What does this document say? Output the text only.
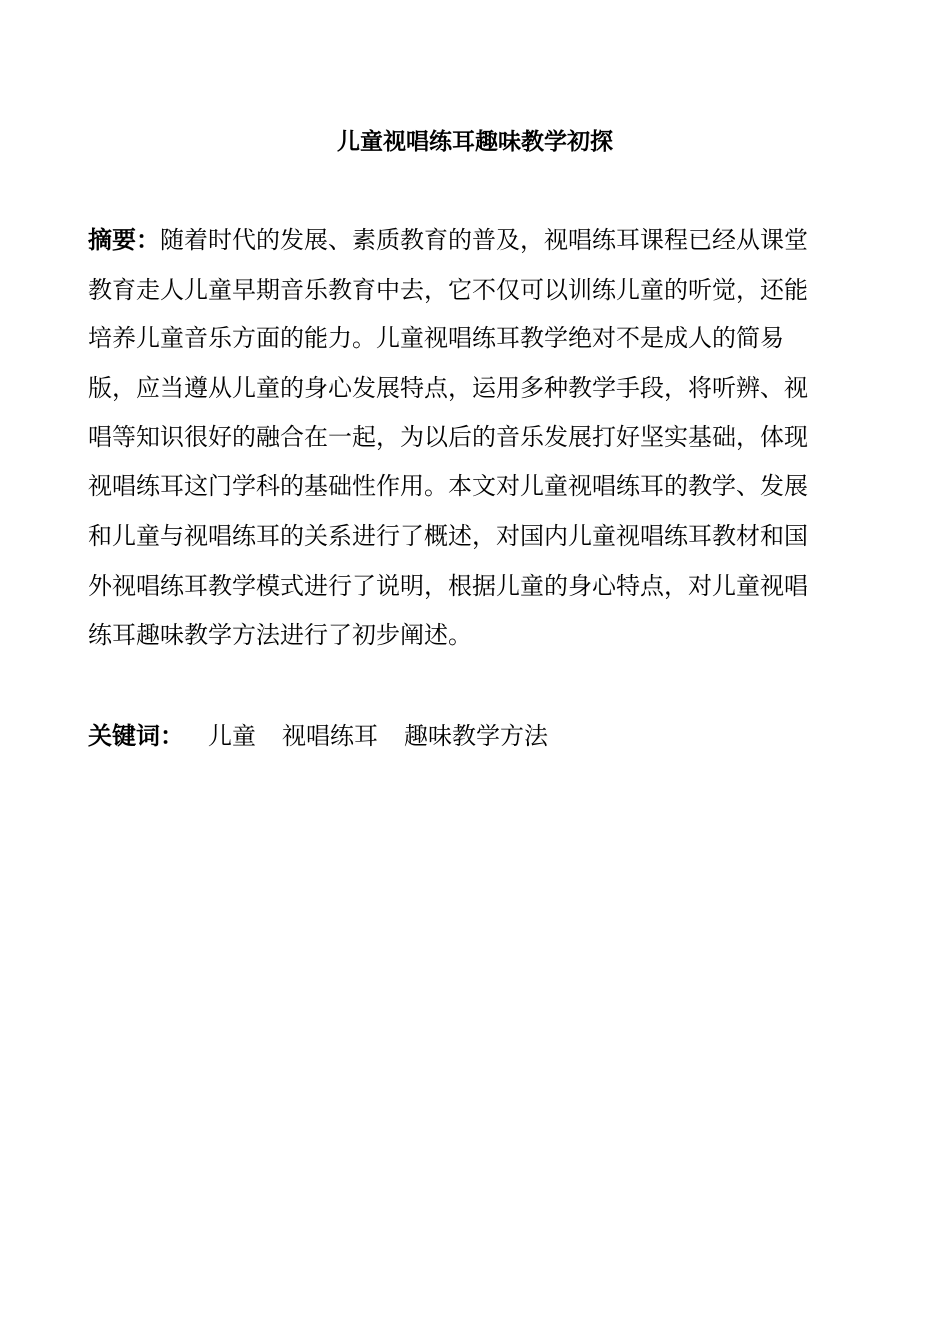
儿童视唱练耳趣味教学初探
摘要：随着时代的发展、素质教育的普及，视唱练耳课程已经从课堂
教育走人儿童早期音乐教育中去，它不仅可以训练儿童的听觉，还能
培养儿童音乐方面的能力。儿童视唱练耳教学绝对不是成人的简易
版，应当遵从儿童的身心发展特点，运用多种教学手段，将听辨、视
唱等知识很好的融合在一起，为以后的音乐发展打好坚实基础，体现
视唱练耳这门学科的基础性作用。本文对儿童视唱练耳的教学、发展
和儿童与视唱练耳的关系进行了概述，对国内儿童视唱练耳教材和国
外视唱练耳教学模式进行了说明，根据儿童的身心特点，对儿童视唱
练耳趣味教学方法进行了初步阐述。
关键词： 儿童 视唱练耳 趣味教学方法
